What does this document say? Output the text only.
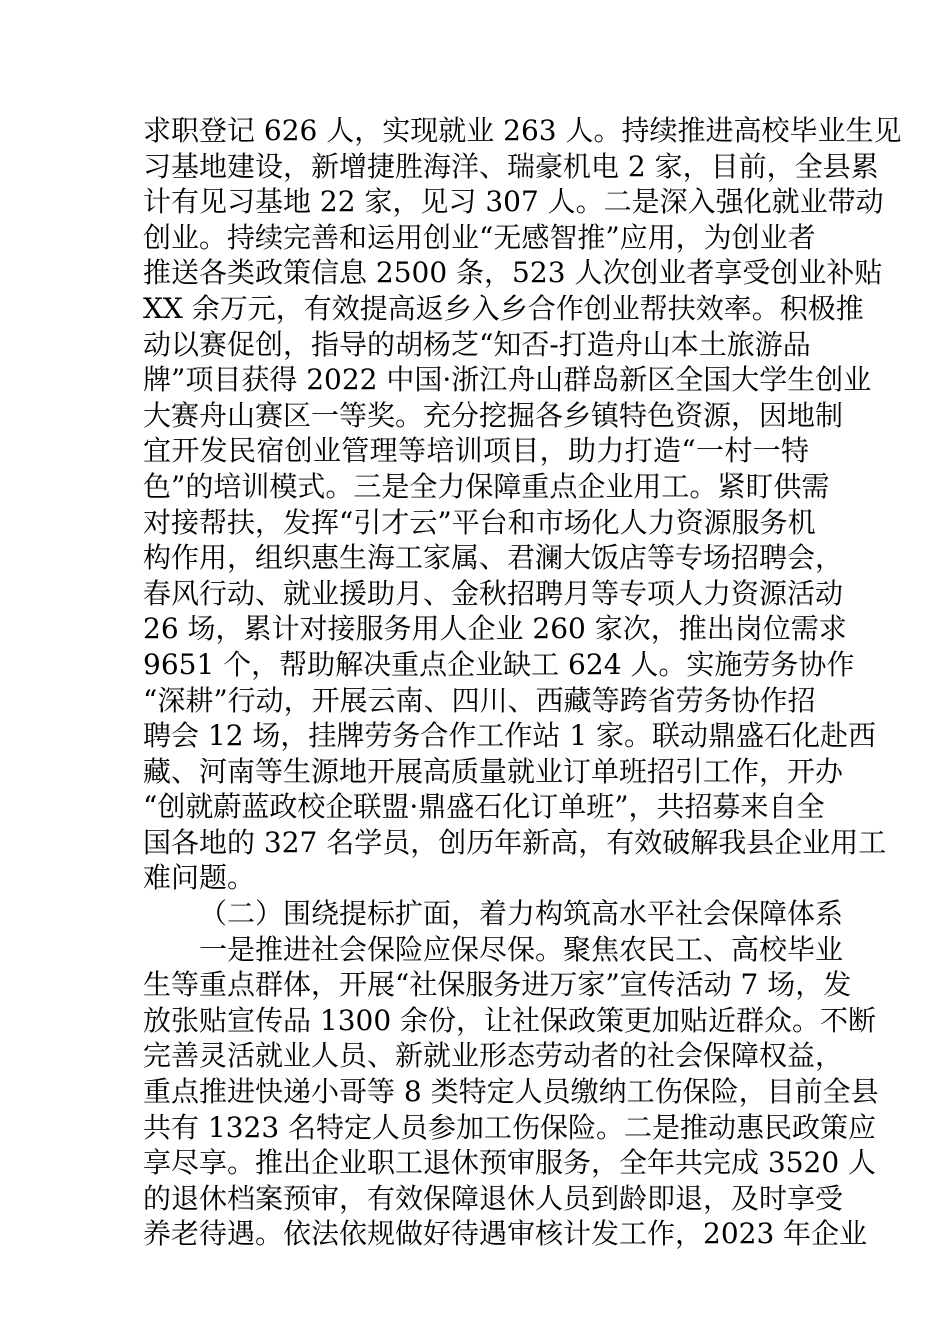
求职登记 626 人，实现就业 263 人。持续推进高校毕业生见
习基地建设，新增捷胜海洋、瑞豪机电 2 家，目前，全县累
计有见习基地 22 家，见习 307 人。二是深入强化就业带动
创业。持续完善和运用创业“无感智推”应用，为创业者
推送各类政策信息 2500 条，523 人次创业者享受创业补贴
XX 余万元，有效提高返乡入乡合作创业帮扶效率。积极推
动以赛促创，指导的胡杨芝“知否-打造舟山本土旅游品
牌”项目获得 2022 中国·浙江舟山群岛新区全国大学生创业
大赛舟山赛区一等奖。充分挖掘各乡镇特色资源，因地制
宜开发民宿创业管理等培训项目，助力打造“一村一特
色”的培训模式。三是全力保障重点企业用工。紧盯供需
对接帮扶，发挥“引才云”平台和市场化人力资源服务机
构作用，组织惠生海工家属、君澜大饭店等专场招聘会，
春风行动、就业援助月、金秋招聘月等专项人力资源活动
26 场，累计对接服务用人企业 260 家次，推出岗位需求
9651 个，帮助解决重点企业缺工 624 人。实施劳务协作
“深耕”行动，开展云南、四川、西藏等跨省劳务协作招
聘会 12 场，挂牌劳务合作工作站 1 家。联动鼎盛石化赴西
藏、河南等生源地开展高质量就业订单班招引工作，开办
“创就蔚蓝政校企联盟·鼎盛石化订单班”，共招募来自全
国各地的 327 名学员，创历年新高，有效破解我县企业用工
难问题。
（二）围绕提标扩面，着力构筑高水平社会保障体系
一是推进社会保险应保尽保。聚焦农民工、高校毕业
生等重点群体，开展“社保服务进万家”宣传活动 7 场，发
放张贴宣传品 1300 余份，让社保政策更加贴近群众。不断
完善灵活就业人员、新就业形态劳动者的社会保障权益，
重点推进快递小哥等 8 类特定人员缴纳工伤保险，目前全县
共有 1323 名特定人员参加工伤保险。二是推动惠民政策应
享尽享。推出企业职工退休预审服务，全年共完成 3520 人
的退休档案预审，有效保障退休人员到龄即退，及时享受
养老待遇。依法依规做好待遇审核计发工作，2023 年企业
